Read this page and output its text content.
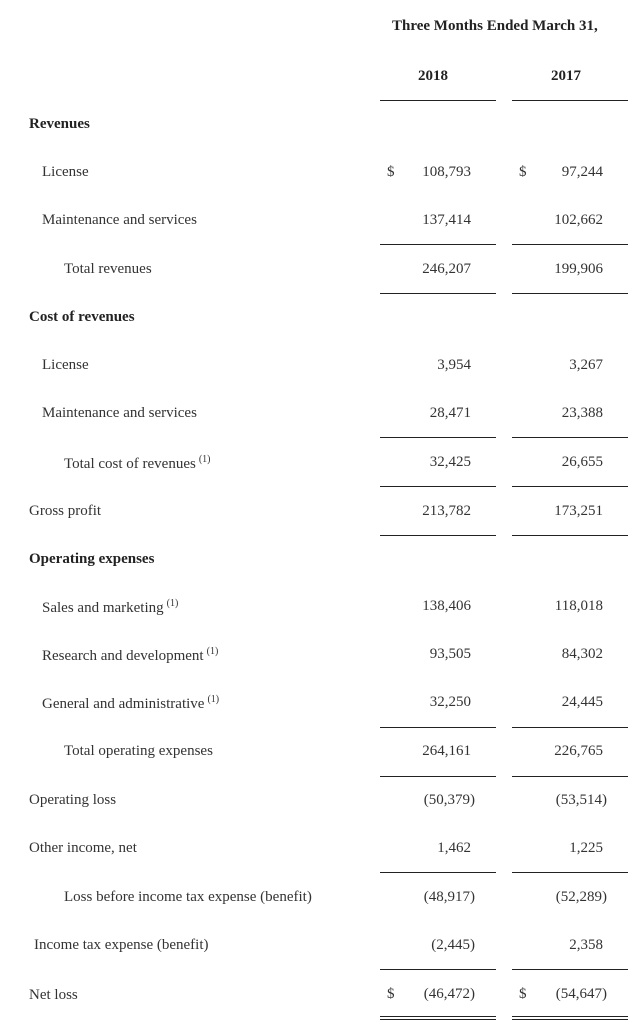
Three Months Ended March 31,
2018	2017
Revenues
License	$ 108,793	$ 97,244
Maintenance and services	137,414	102,662
Total revenues	246,207	199,906
Cost of revenues
License	3,954	3,267
Maintenance and services	28,471	23,388
Total cost of revenues $^{(1)}$	32,425	26,655
Gross profit	213,782	173,251
Operating expenses
Sales and marketing $^{(1)}$	138,406	118,018
Research and development $^{(1)}$	93,505	84,302
General and administrative $^{(1)}$	32,250	24,445
Total operating expenses	264,161	226,765
Operating loss	(50,379)	(53,514)
Other income, net	1,462	1,225
Loss before income tax expense (benefit)	(48,917)	(52,289)
Income tax expense (benefit)	(2,445)	2,358
Net loss	$ (46,472)	$ (54,647)
